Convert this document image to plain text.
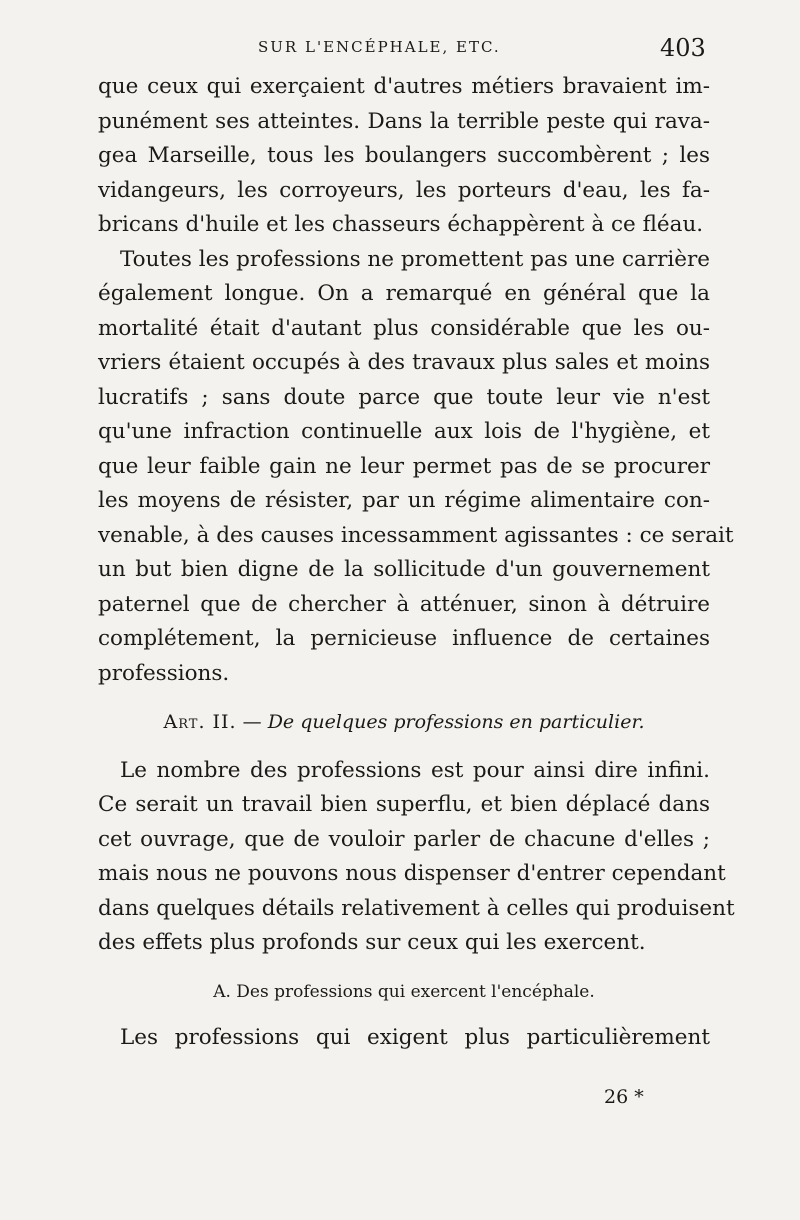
SUR L'ENCÉPHALE, ETC.	403
que ceux qui exerçaient d'autres métiers bravaient im-
punément ses atteintes. Dans la terrible peste qui rava-
gea Marseille, tous les boulangers succombèrent ; les
vidangeurs, les corroyeurs, les porteurs d'eau, les fa-
bricans d'huile et les chasseurs échappèrent à ce fléau.
Toutes les professions ne promettent pas une carrière
également longue. On a remarqué en général que la
mortalité était d'autant plus considérable que les ou-
vriers étaient occupés à des travaux plus sales et moins
lucratifs ; sans doute parce que toute leur vie n'est
qu'une infraction continuelle aux lois de l'hygiène, et
que leur faible gain ne leur permet pas de se procurer
les moyens de résister, par un régime alimentaire con-
venable, à des causes incessamment agissantes : ce serait
un but bien digne de la sollicitude d'un gouvernement
paternel que de chercher à atténuer, sinon à détruire
complétement, la pernicieuse influence de certaines
professions.
Art. II. — De quelques professions en particulier.
Le nombre des professions est pour ainsi dire infini.
Ce serait un travail bien superflu, et bien déplacé dans
cet ouvrage, que de vouloir parler de chacune d'elles ;
mais nous ne pouvons nous dispenser d'entrer cependant
dans quelques détails relativement à celles qui produisent
des effets plus profonds sur ceux qui les exercent.
A. Des professions qui exercent l'encéphale.
Les professions qui exigent plus particulièrement
26 *
